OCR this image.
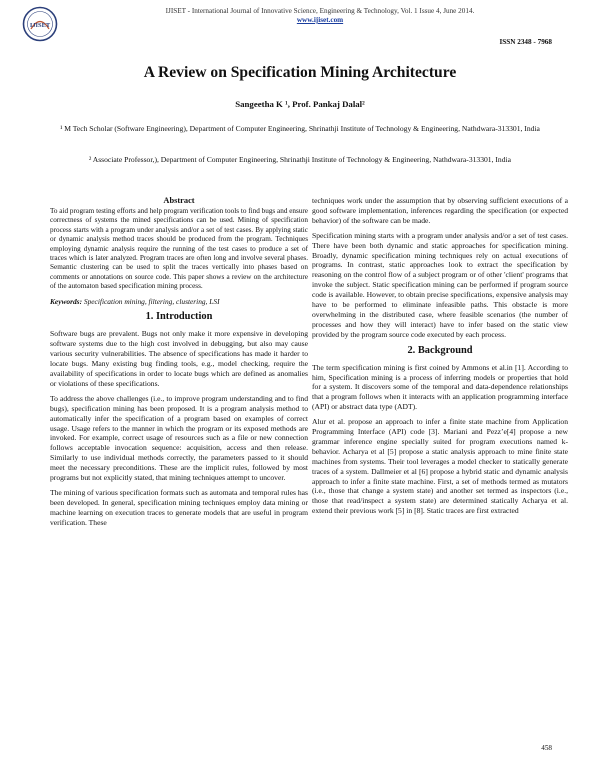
IJISET
IJISET - International Journal of Innovative Science, Engineering & Technology, Vol. 1 Issue 4, June 2014.
www.ijiset.com
ISSN 2348 - 7968
A Review on Specification Mining Architecture
Sangeetha K ¹, Prof. Pankaj Dalal²
¹ M Tech Scholar (Software Engineering), Department of Computer Engineering, Shrinathji Institute of Technology & Engineering, Nathdwara-313301, India
² Associate Professor,), Department of Computer Engineering, Shrinathji Institute of Technology & Engineering, Nathdwara-313301, India
Abstract

To aid program testing efforts and help program verification tools to find bugs and ensure correctness of systems the mined specifications can be used. Mining of specification process starts with a program under analysis and/or a set of test cases. By applying static or dynamic analysis method traces should be produced from the program. Techniques employing dynamic analysis require the running of the test cases to produce a set of traces which is later analyzed. Program traces are often long and involve several phases. Semantic clustering can be used to split the traces vertically into phases based on comments or annotations on source code. This paper shows a review on the architecture of the automaton based specification mining process.

Keywords: Specification mining, filtering, clustering, LSI

1. Introduction

Software bugs are prevalent. Bugs not only make it more expensive in developing software systems due to the high cost involved in debugging, but also may cause various security vulnerabilities. The absence of specifications has made it harder to locate bugs. Many existing bug finding tools, e.g., model checking, require the availability of specifications in order to locate bugs which are defined as anomalies or violations of these specifications.

To address the above challenges (i.e., to improve program understanding and to find bugs), specification mining has been proposed. It is a program analysis method to automatically infer the specification of a program based on examples of correct usage. Usage refers to the manner in which the program or its exposed methods are invoked. For example, correct usage of resources such as a file or new connection follows acceptable invocation sequence: acquisition, access and then release. Similarly to use individual methods correctly, the parameters passed to it should meet the necessary preconditions. These are the implicit rules, followed by most programs but not explicitly stated, that mining techniques attempt to uncover.

The mining of various specification formats such as automata and temporal rules has been developed. In general, specification mining techniques employ data mining or machine learning on execution traces to generate models that are useful in program verification. These

techniques work under the assumption that by observing sufficient executions of a good software implementation, inferences regarding the specification (or expected behavior) of the software can be made.

Specification mining starts with a program under analysis and/or a set of test cases. There have been both dynamic and static approaches for specification mining. Broadly, dynamic specification mining techniques rely on actual executions of programs. In contrast, static approaches look to extract the specification by reasoning on the control flow of a subject program or of other 'client' programs that invoke the subject. Static specification mining can be performed if program source code is available. However, to obtain precise specifications, expensive analysis may have to be performed to eliminate infeasible paths. This obstacle is more overwhelming in the distributed case, where feasible scenarios (the number of processes and how they will interact) have to infer based on the static view provided by the program source code executed by each process.

2. Background

The term specification mining is first coined by Ammons et al.in [1]. According to him, Specification mining is a process of inferring models or properties that hold for a system. It discovers some of the temporal and data-dependence relationships that a program follows when it interacts with an application programming interface (API) or abstract data type (ADT).

Alur et al. propose an approach to infer a finite state machine from Application Programming Interface (API) code [3]. Mariani and Pezz’e[4] propose a new grammar inference engine specially suited for program executions named k-behavior. Acharya et al [5] propose a static analysis approach to mine finite state machines from systems. Their tool leverages a model checker to statically generate traces of a system. Dallmeier et al [6] propose a hybrid static and dynamic analysis approach to infer a finite state machine. First, a set of methods termed as mutators (i.e., those that change a system state) and another set termed as inspectors (i.e., those that read/inspect a system state) are determined statically Acharya et al. extend their previous work [5] in [8]. Static traces are first extracted

458
